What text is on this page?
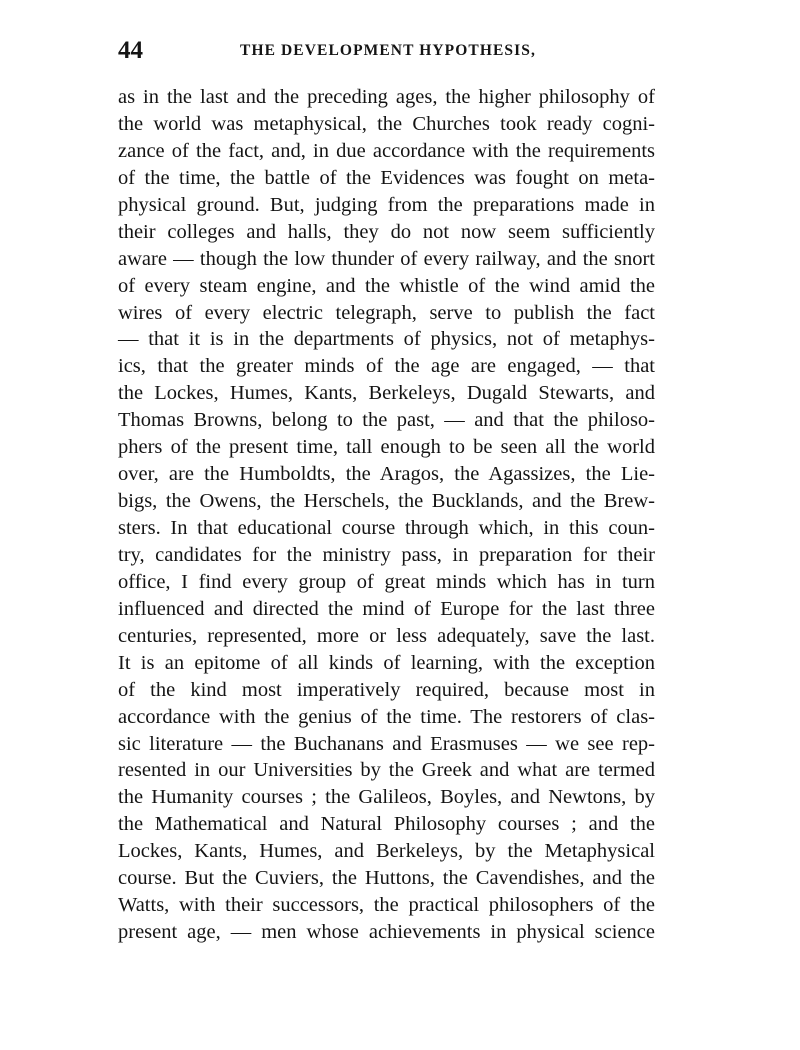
44	THE DEVELOPMENT HYPOTHESIS,
as in the last and the preceding ages, the higher philosophy of
the world was metaphysical, the Churches took ready cogni-
zance of the fact, and, in due accordance with the requirements
of the time, the battle of the Evidences was fought on meta-
physical ground. But, judging from the preparations made in
their colleges and halls, they do not now seem sufficiently
aware — though the low thunder of every railway, and the snort
of every steam engine, and the whistle of the wind amid the
wires of every electric telegraph, serve to publish the fact
— that it is in the departments of physics, not of metaphys-
ics, that the greater minds of the age are engaged, — that
the Lockes, Humes, Kants, Berkeleys, Dugald Stewarts, and
Thomas Browns, belong to the past, — and that the philoso-
phers of the present time, tall enough to be seen all the world
over, are the Humboldts, the Aragos, the Agassizes, the Lie-
bigs, the Owens, the Herschels, the Bucklands, and the Brew-
sters. In that educational course through which, in this coun-
try, candidates for the ministry pass, in preparation for their
office, I find every group of great minds which has in turn
influenced and directed the mind of Europe for the last three
centuries, represented, more or less adequately, save the last.
It is an epitome of all kinds of learning, with the exception
of the kind most imperatively required, because most in
accordance with the genius of the time. The restorers of clas-
sic literature — the Buchanans and Erasmuses — we see rep-
resented in our Universities by the Greek and what are termed
the Humanity courses ; the Galileos, Boyles, and Newtons, by
the Mathematical and Natural Philosophy courses ; and the
Lockes, Kants, Humes, and Berkeleys, by the Metaphysical
course. But the Cuviers, the Huttons, the Cavendishes, and the
Watts, with their successors, the practical philosophers of the
present age, — men whose achievements in physical science
